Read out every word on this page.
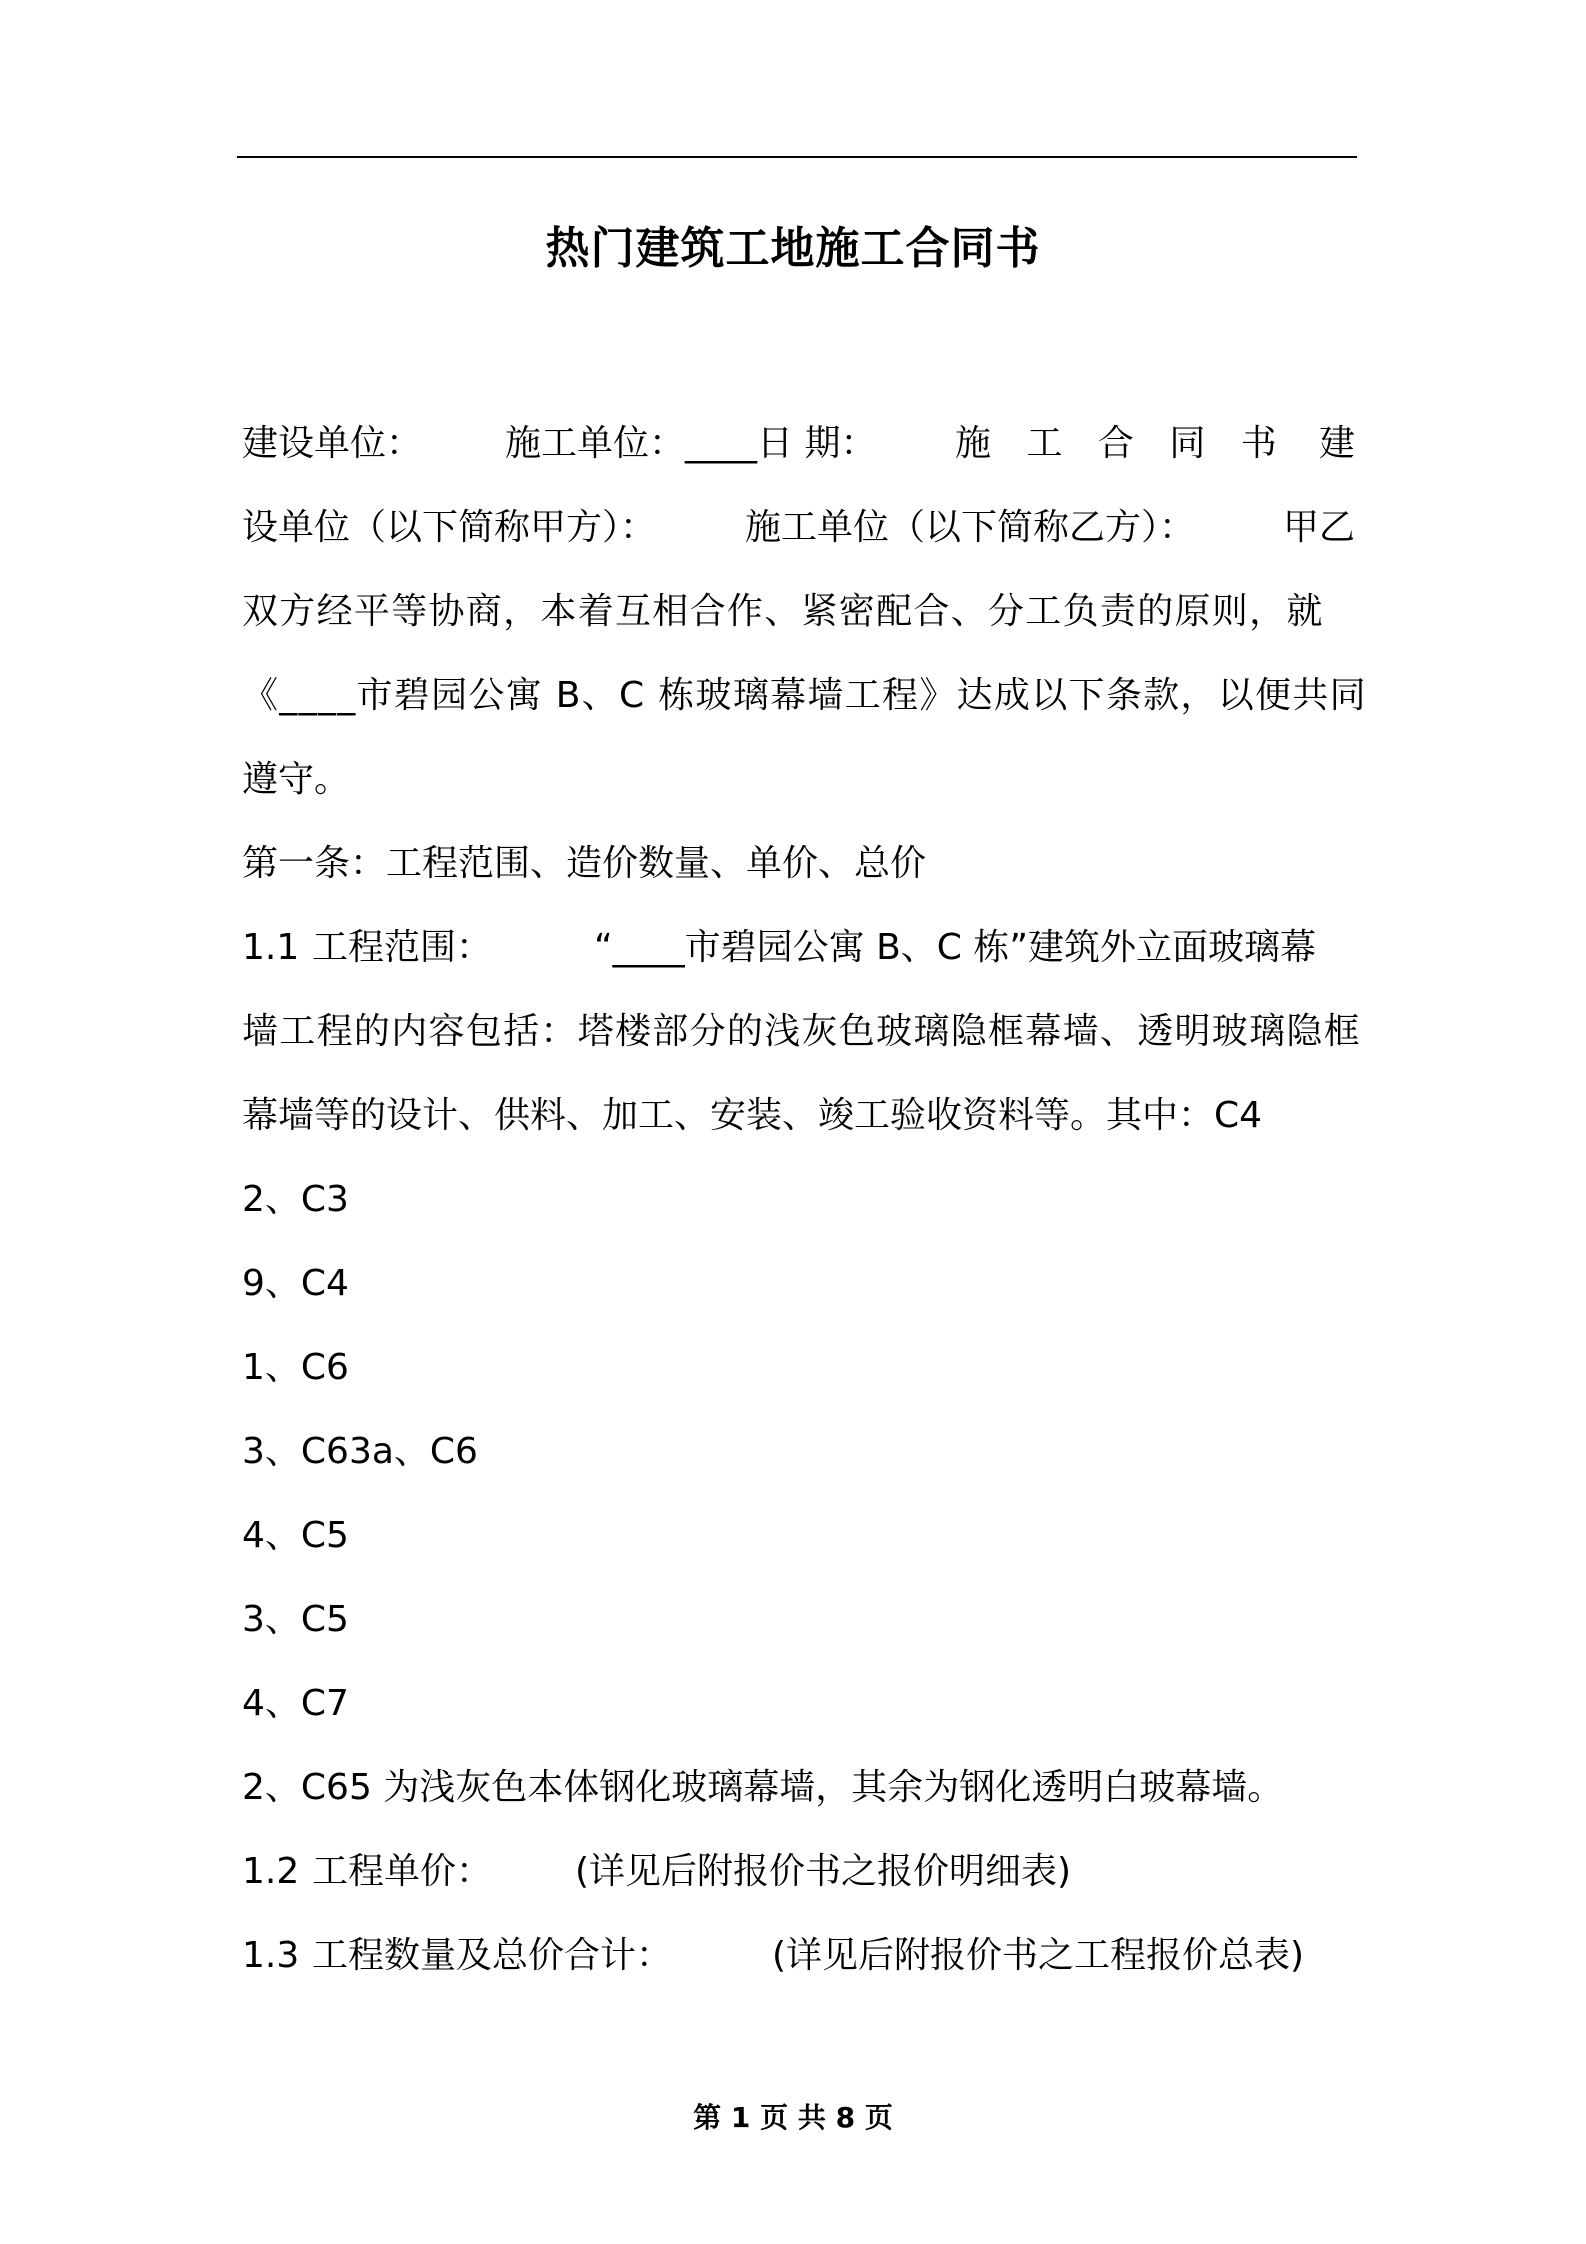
热门建筑工地施工合同书
建设单位： 施工单位：____日 期： 施 工 合 同 书 建
设单位（以下简称甲方）： 施工单位（以下简称乙方）： 甲乙
双方经平等协商，本着互相合作、紧密配合、分工负责的原则，就
《____市碧园公寓 B、C 栋玻璃幕墙工程》达成以下条款，以便共同
遵守。
第一条：工程范围、造价数量、单价、总价
1.1 工程范围：	“____市碧园公寓 B、C 栋”建筑外立面玻璃幕
墙工程的内容包括：塔楼部分的浅灰色玻璃隐框幕墙、透明玻璃隐框
幕墙等的设计、供料、加工、安装、竣工验收资料等。其中：C4
2、C3
9、C4
1、C6
3、C63a、C6
4、C5
3、C5
4、C7
2、C65 为浅灰色本体钢化玻璃幕墙，其余为钢化透明白玻幕墙。
1.2 工程单价： (详见后附报价书之报价明细表)
1.3 工程数量及总价合计：	(详见后附报价书之工程报价总表)
第 1 页 共 8 页
